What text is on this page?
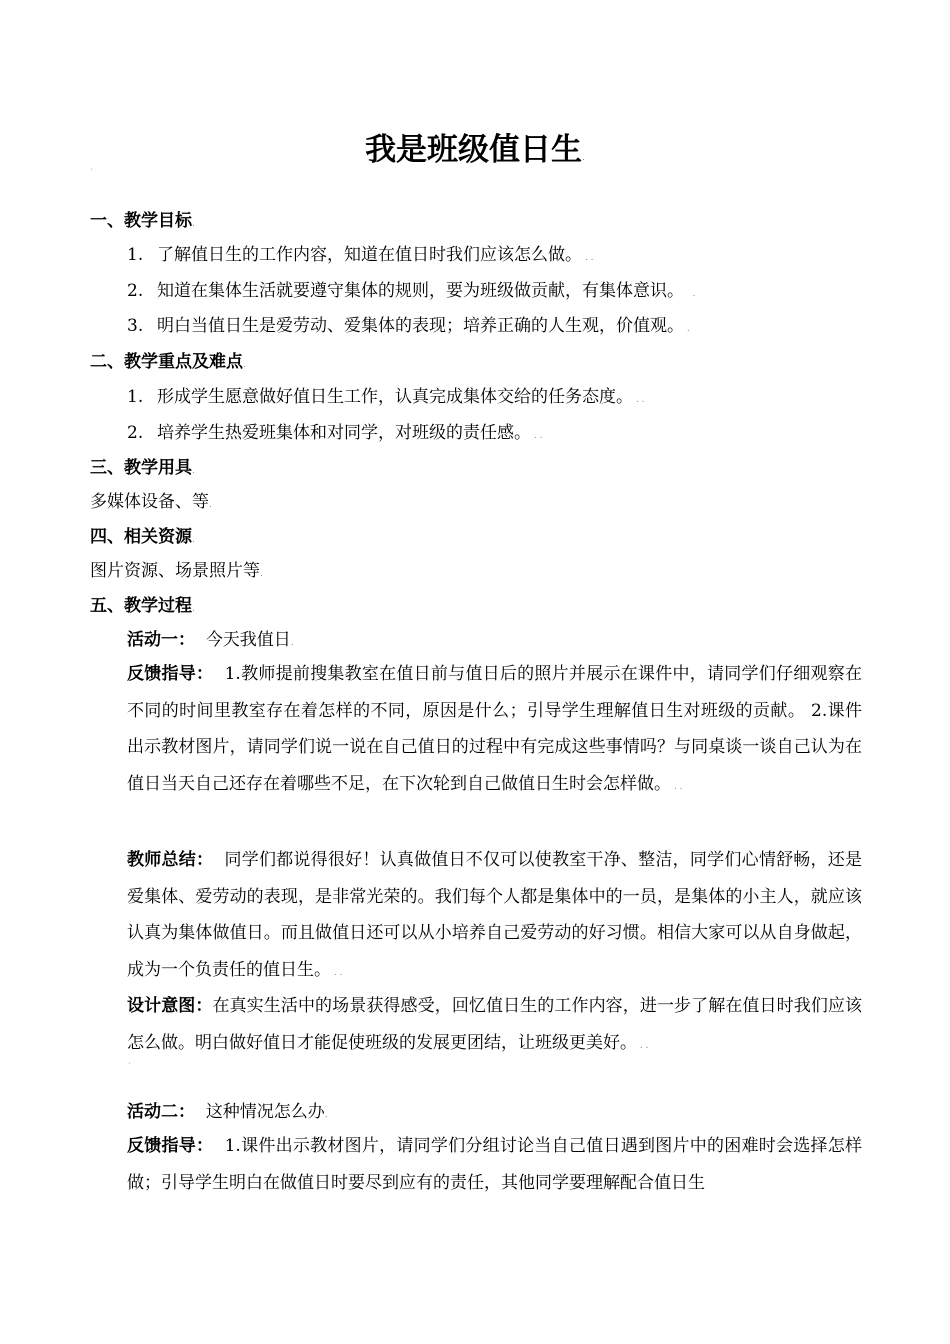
我是班级值日生.
ˋ
一、教学目标.
1. 了解值日生的工作内容，知道在值日时我们应该怎么做。 . .
2. 知道在集体生活就要遵守集体的规则，要为班级做贡献，有集体意识。   .
3. 明白当值日生是爱劳动、爱集体的表现；培养正确的人生观，价值观。 .
二、教学重点及难点.
1. 形成学生愿意做好值日生工作，认真完成集体交给的任务态度。 . .
2. 培养学生热爱班集体和对同学，对班级的责任感。 . .
三、教学用具.
多媒体设备、等.
四、相关资源.
图片资源、场景照片等.
五、教学过程.
活动一： 今天我值日.
反馈指导： 1.教师提前搜集教室在值日前与值日后的照片并展示在课件中，请同学们仔细观察在不同的时间里教室存在着怎样的不同，原因是什么；引导学生理解值日生对班级的贡献。 2.课件出示教材图片，请同学们说一说在自己值日的过程中有完成这些事情吗？与同桌谈一谈自己认为在值日当天自己还存在着哪些不足，在下次轮到自己做值日生时会怎样做。 . .
教师总结： 同学们都说得很好！认真做值日不仅可以使教室干净、整洁，同学们心情舒畅，还是爱集体、爱劳动的表现，是非常光荣的。我们每个人都是集体中的一员，是集体的小主人，就应该认真为集体做值日。而且做值日还可以从小培养自己爱劳动的好习惯。相信大家可以从自身做起，成为一个负责任的值日生。 . .
设计意图：在真实生活中的场景获得感受，回忆值日生的工作内容，进一步了解在值日时我们应该怎么做。明白做好值日才能促使班级的发展更团结，让班级更美好。 . .
ˋ
活动二： 这种情况怎么办.
反馈指导： 1.课件出示教材图片，请同学们分组讨论当自己值日遇到图片中的困难时会选择怎样做；引导学生明白在做值日时要尽到应有的责任，其他同学要理解配合值日生
